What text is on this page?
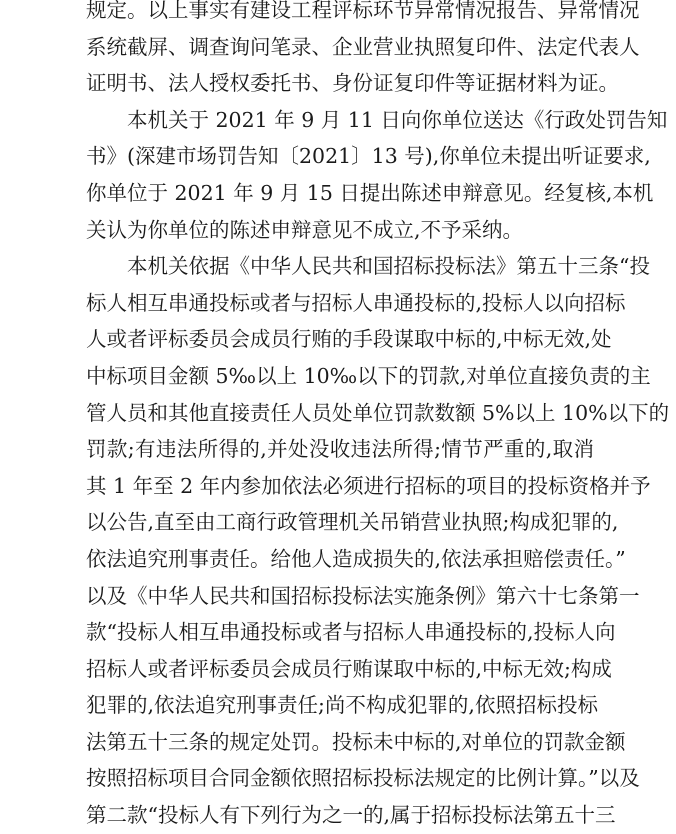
规定。以上事实有建设工程评标环节异常情况报告、异常情况
系统截屏、调查询问笔录、企业营业执照复印件、法定代表人
证明书、法人授权委托书、身份证复印件等证据材料为证。
本机关于 2021 年 9 月 11 日向你单位送达《行政处罚告知
书》(深建市场罚告知〔2021〕13 号),你单位未提出听证要求,
你单位于 2021 年 9 月 15 日提出陈述申辩意见。经复核,本机
关认为你单位的陈述申辩意见不成立,不予采纳。
本机关依据《中华人民共和国招标投标法》第五十三条“投
标人相互串通投标或者与招标人串通投标的,投标人以向招标
人或者评标委员会成员行贿的手段谋取中标的,中标无效,处
中标项目金额 5‰以上 10‰以下的罚款,对单位直接负责的主
管人员和其他直接责任人员处单位罚款数额 5%以上 10%以下的
罚款;有违法所得的,并处没收违法所得;情节严重的,取消
其 1 年至 2 年内参加依法必须进行招标的项目的投标资格并予
以公告,直至由工商行政管理机关吊销营业执照;构成犯罪的,
依法追究刑事责任。给他人造成损失的,依法承担赔偿责任。”
以及《中华人民共和国招标投标法实施条例》第六十七条第一
款“投标人相互串通投标或者与招标人串通投标的,投标人向
招标人或者评标委员会成员行贿谋取中标的,中标无效;构成
犯罪的,依法追究刑事责任;尚不构成犯罪的,依照招标投标
法第五十三条的规定处罚。投标未中标的,对单位的罚款金额
按照招标项目合同金额依照招标投标法规定的比例计算。”以及
第二款“投标人有下列行为之一的,属于招标投标法第五十三
